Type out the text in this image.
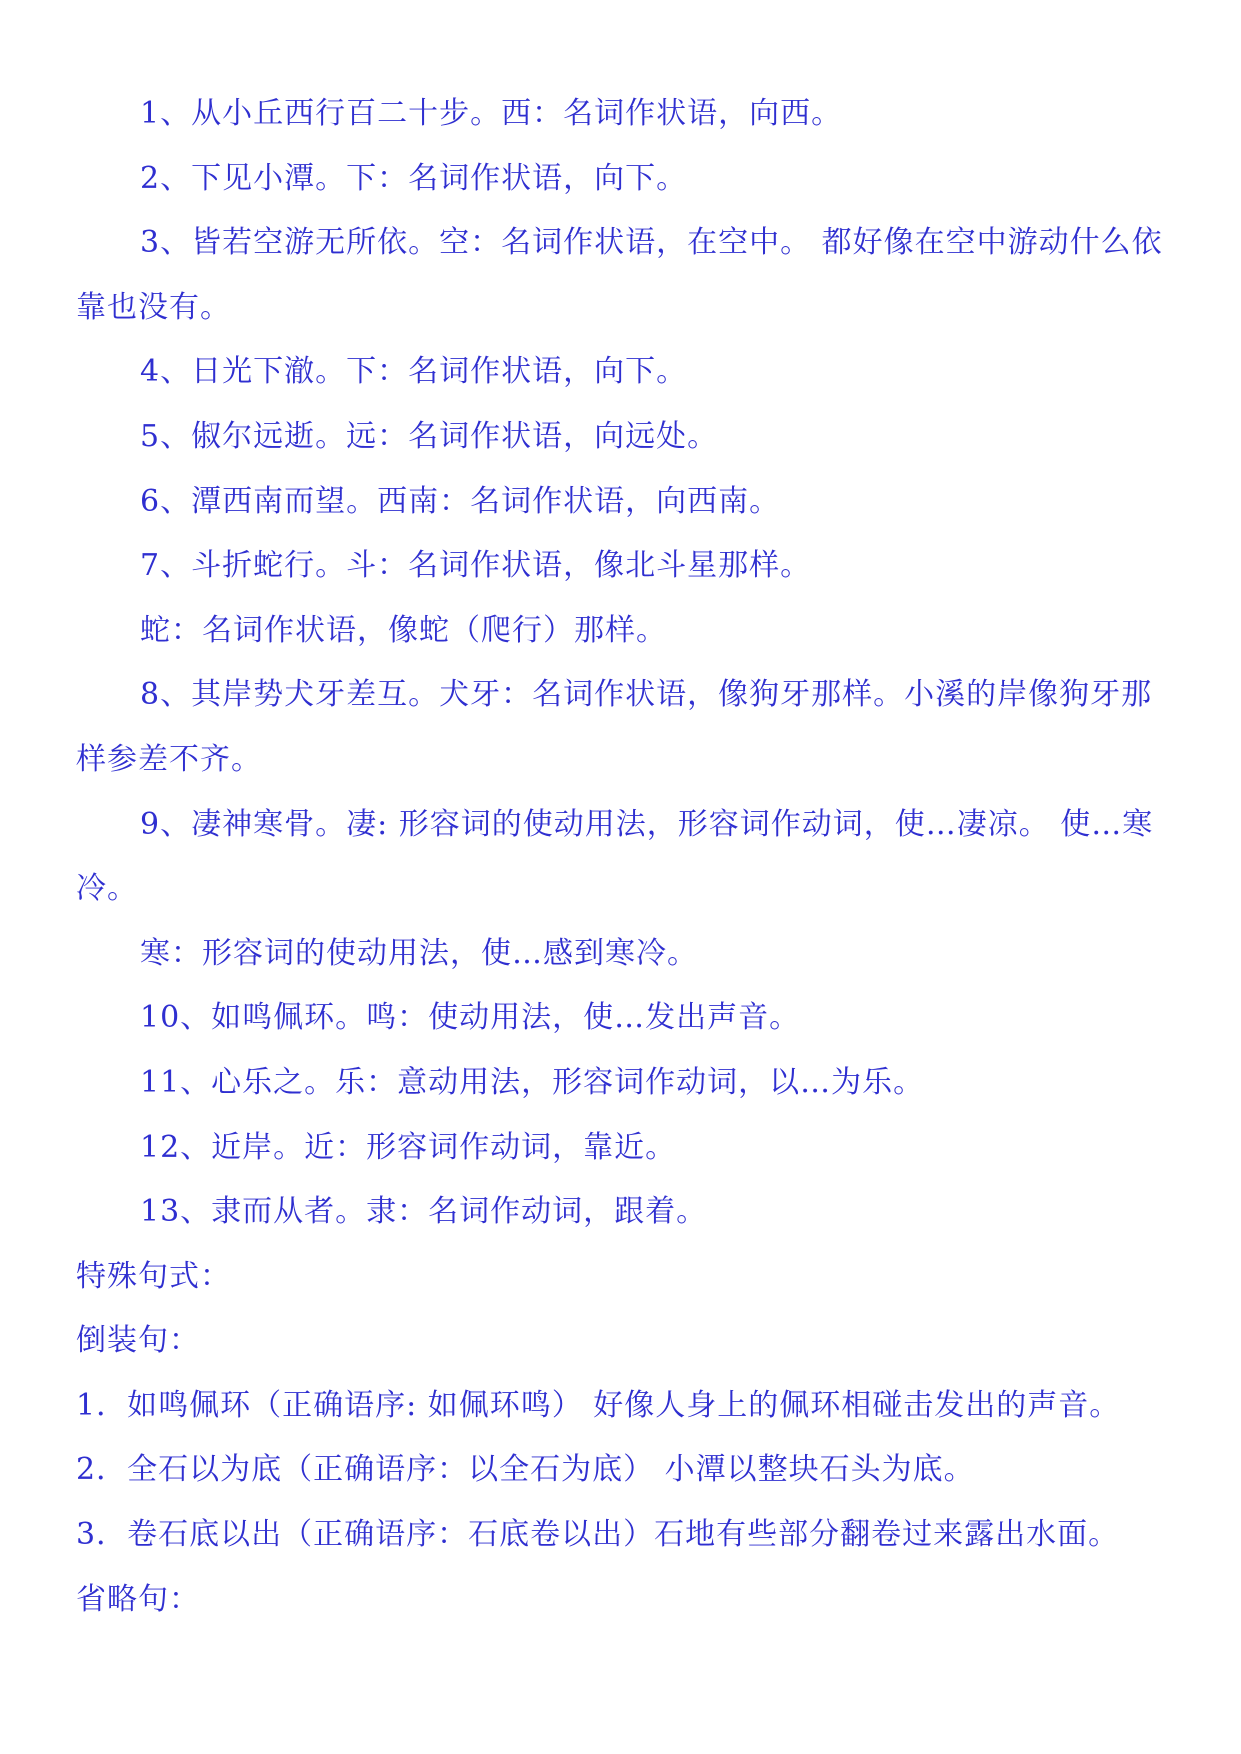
1、从小丘西行百二十步。西：名词作状语，向西。

2、下见小潭。下：名词作状语，向下。

3、皆若空游无所依。空：名词作状语，在空中。 都好像在空中游动什么依靠也没有。

4、日光下澈。下：名词作状语，向下。

5、俶尔远逝。远：名词作状语，向远处。

6、潭西南而望。西南：名词作状语，向西南。

7、斗折蛇行。斗：名词作状语，像北斗星那样。

蛇：名词作状语，像蛇（爬行）那样。

8、其岸势犬牙差互。犬牙：名词作状语，像狗牙那样。小溪的岸像狗牙那样参差不齐。

9、凄神寒骨。凄: 形容词的使动用法，形容词作动词，使…凄凉。 使…寒冷。

寒：形容词的使动用法，使…感到寒冷。

10、如鸣佩环。鸣：使动用法，使…发出声音。

11、心乐之。乐：意动用法，形容词作动词，以…为乐。

12、近岸。近：形容词作动词，靠近。

13、隶而从者。隶：名词作动词，跟着。

特殊句式：

倒装句：

1．如鸣佩环（正确语序: 如佩环鸣） 好像人身上的佩环相碰击发出的声音。

2．全石以为底（正确语序：以全石为底） 小潭以整块石头为底。

3．卷石底以出（正确语序：石底卷以出）石地有些部分翻卷过来露出水面。

省略句：
